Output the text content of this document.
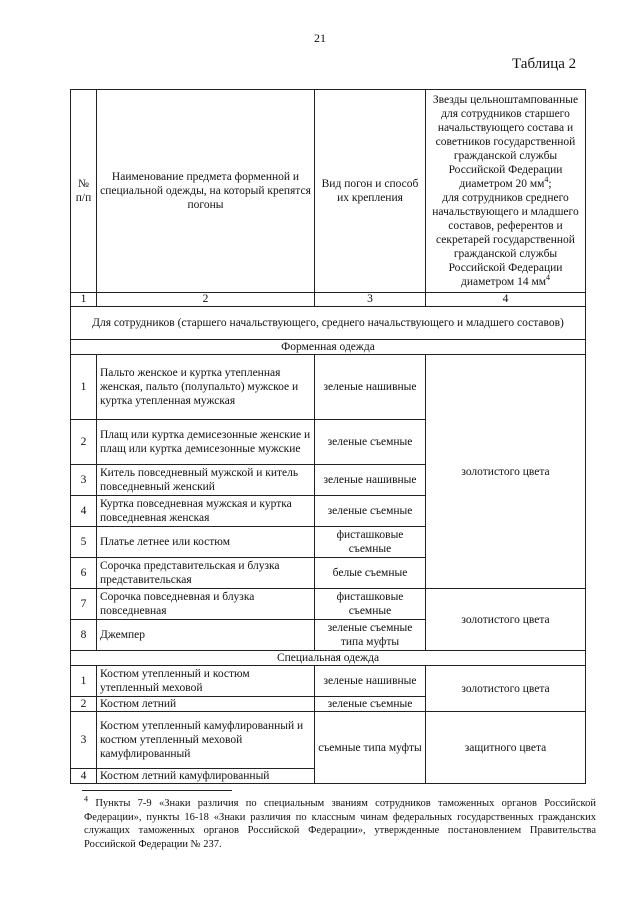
21
Таблица 2
№
п/п	Наименование предмета форменной и специальной одежды, на который крепятся погоны	Вид погон и способ их крепления	Звезды цельноштампованные для сотрудников старшего начальствующего состава и советников государственной гражданской службы Российской Федерации диаметром 20 $мм^4$;
для сотрудников среднего начальствующего и младшего составов, референтов и секретарей государственной гражданской службы Российской Федерации диаметром 14 $мм^4$
1	2	3	4
Для сотрудников (старшего начальствующего, среднего начальствующего и младшего составов)			
Форменная одежда			
1	Пальто женское и куртка утепленная женская, пальто (полупальто) мужское и куртка утепленная мужская	зеленые нашивные	золотистого цвета
2	Плащ или куртка демисезонные женские и плащ или куртка демисезонные мужские	зеленые съемные	
3	Китель повседневный мужской и китель повседневный женский	зеленые нашивные	
4	Куртка повседневная мужская и куртка повседневная женская	зеленые съемные	
5	Платье летнее или костюм	фисташковые съемные	
6	Сорочка представительская и блузка представительская	белые съемные	
7	Сорочка повседневная и блузка повседневная	фисташковые съемные	золотистого цвета
8	Джемпер	зеленые съемные типа муфты	
Специальная одежда			
1	Костюм утепленный и костюм утепленный меховой	зеленые нашивные	золотистого цвета
2	Костюм летний	зеленые съемные	
3	Костюм утепленный камуфлированный и костюм утепленный меховой камуфлированный	съемные типа муфты	защитного цвета
4	Костюм летний камуфлированный		
$^4$ Пункты 7-9 «Знаки различия по специальным званиям сотрудников таможенных органов Российской Федерации», пункты 16-18 «Знаки различия по классным чинам федеральных государственных гражданских служащих таможенных органов Российской Федерации», утвержденные постановлением Правительства Российской Федерации № 237.
